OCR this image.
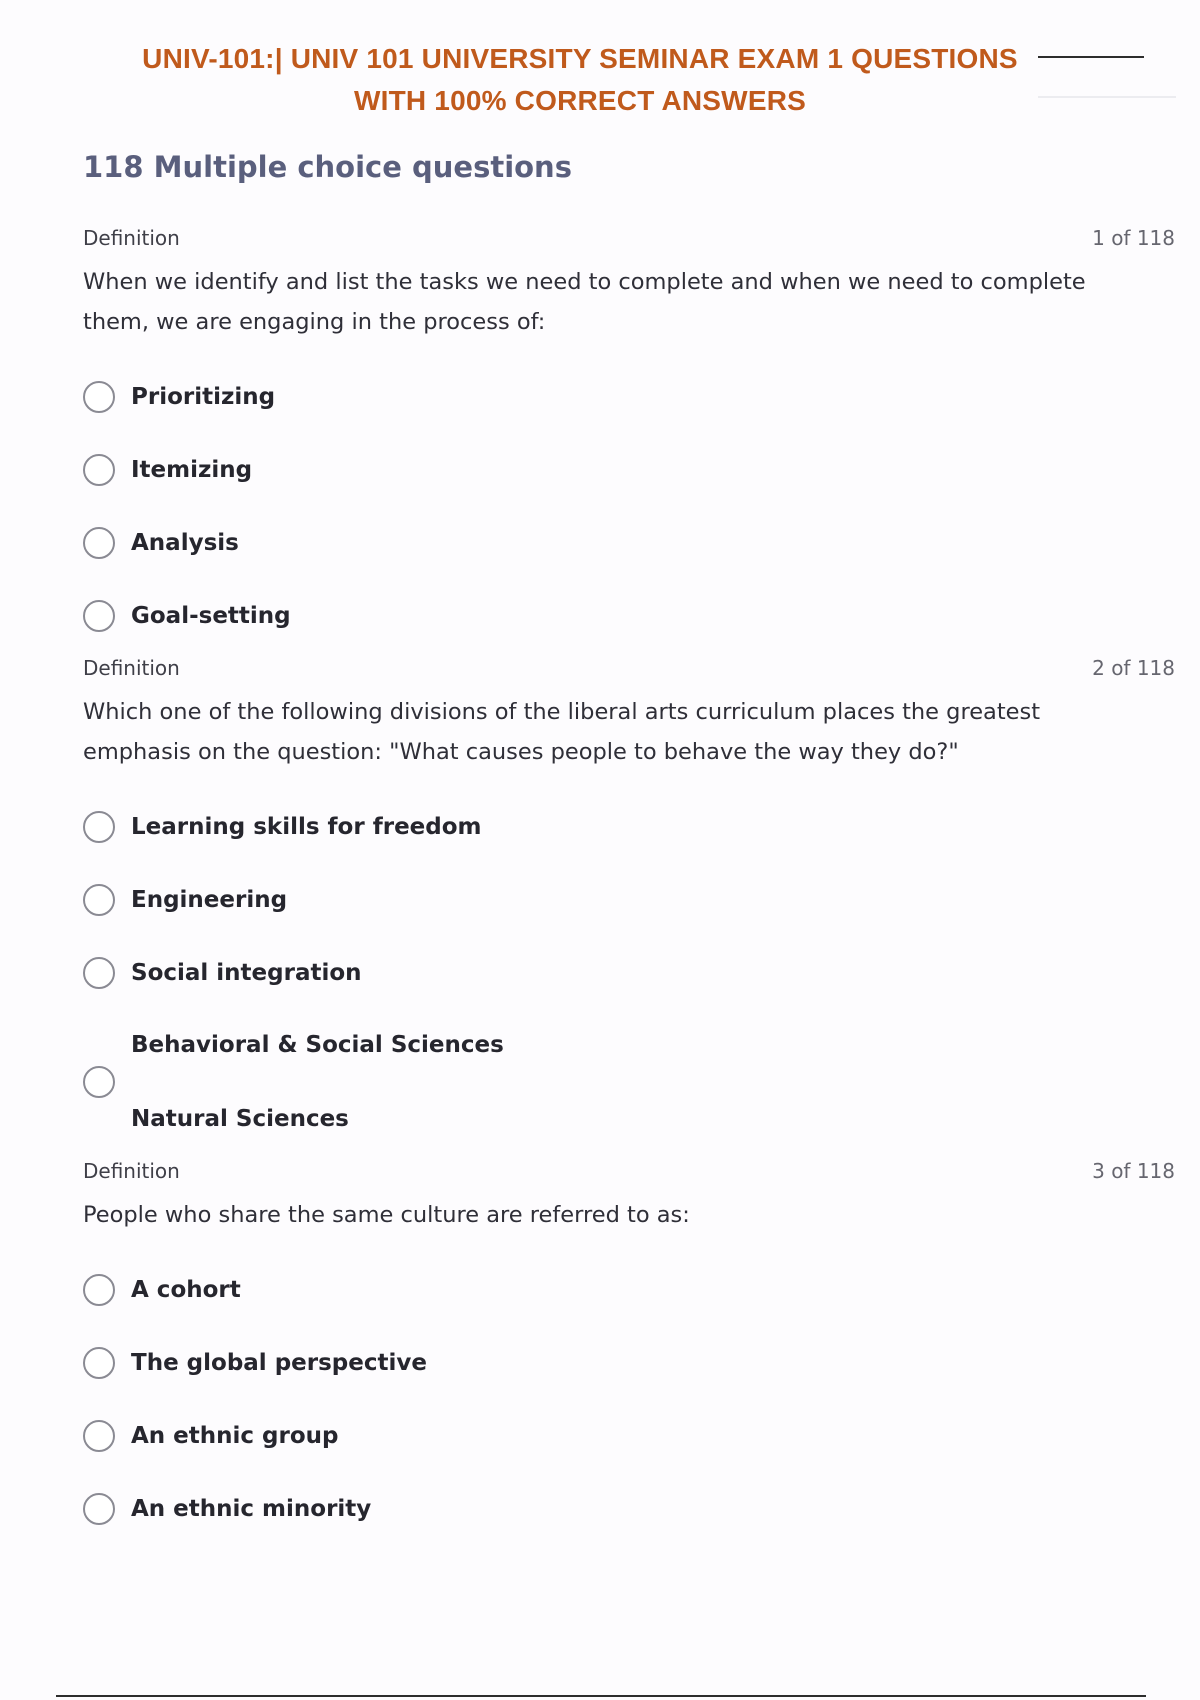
UNIV-101:| UNIV 101 UNIVERSITY SEMINAR EXAM 1 QUESTIONS
WITH 100% CORRECT ANSWERS
118 Multiple choice questions
Definition	1 of 118
When we identify and list the tasks we need to complete and when we need to complete them, we are engaging in the process of:
Prioritizing
Itemizing
Analysis
Goal-setting
Definition	2 of 118
Which one of the following divisions of the liberal arts curriculum places the greatest emphasis on the question: "What causes people to behave the way they do?"
Learning skills for freedom
Engineering
Social integration
Behavioral & Social Sciences
Natural Sciences
Definition	3 of 118
People who share the same culture are referred to as:
A cohort
The global perspective
An ethnic group
An ethnic minority
